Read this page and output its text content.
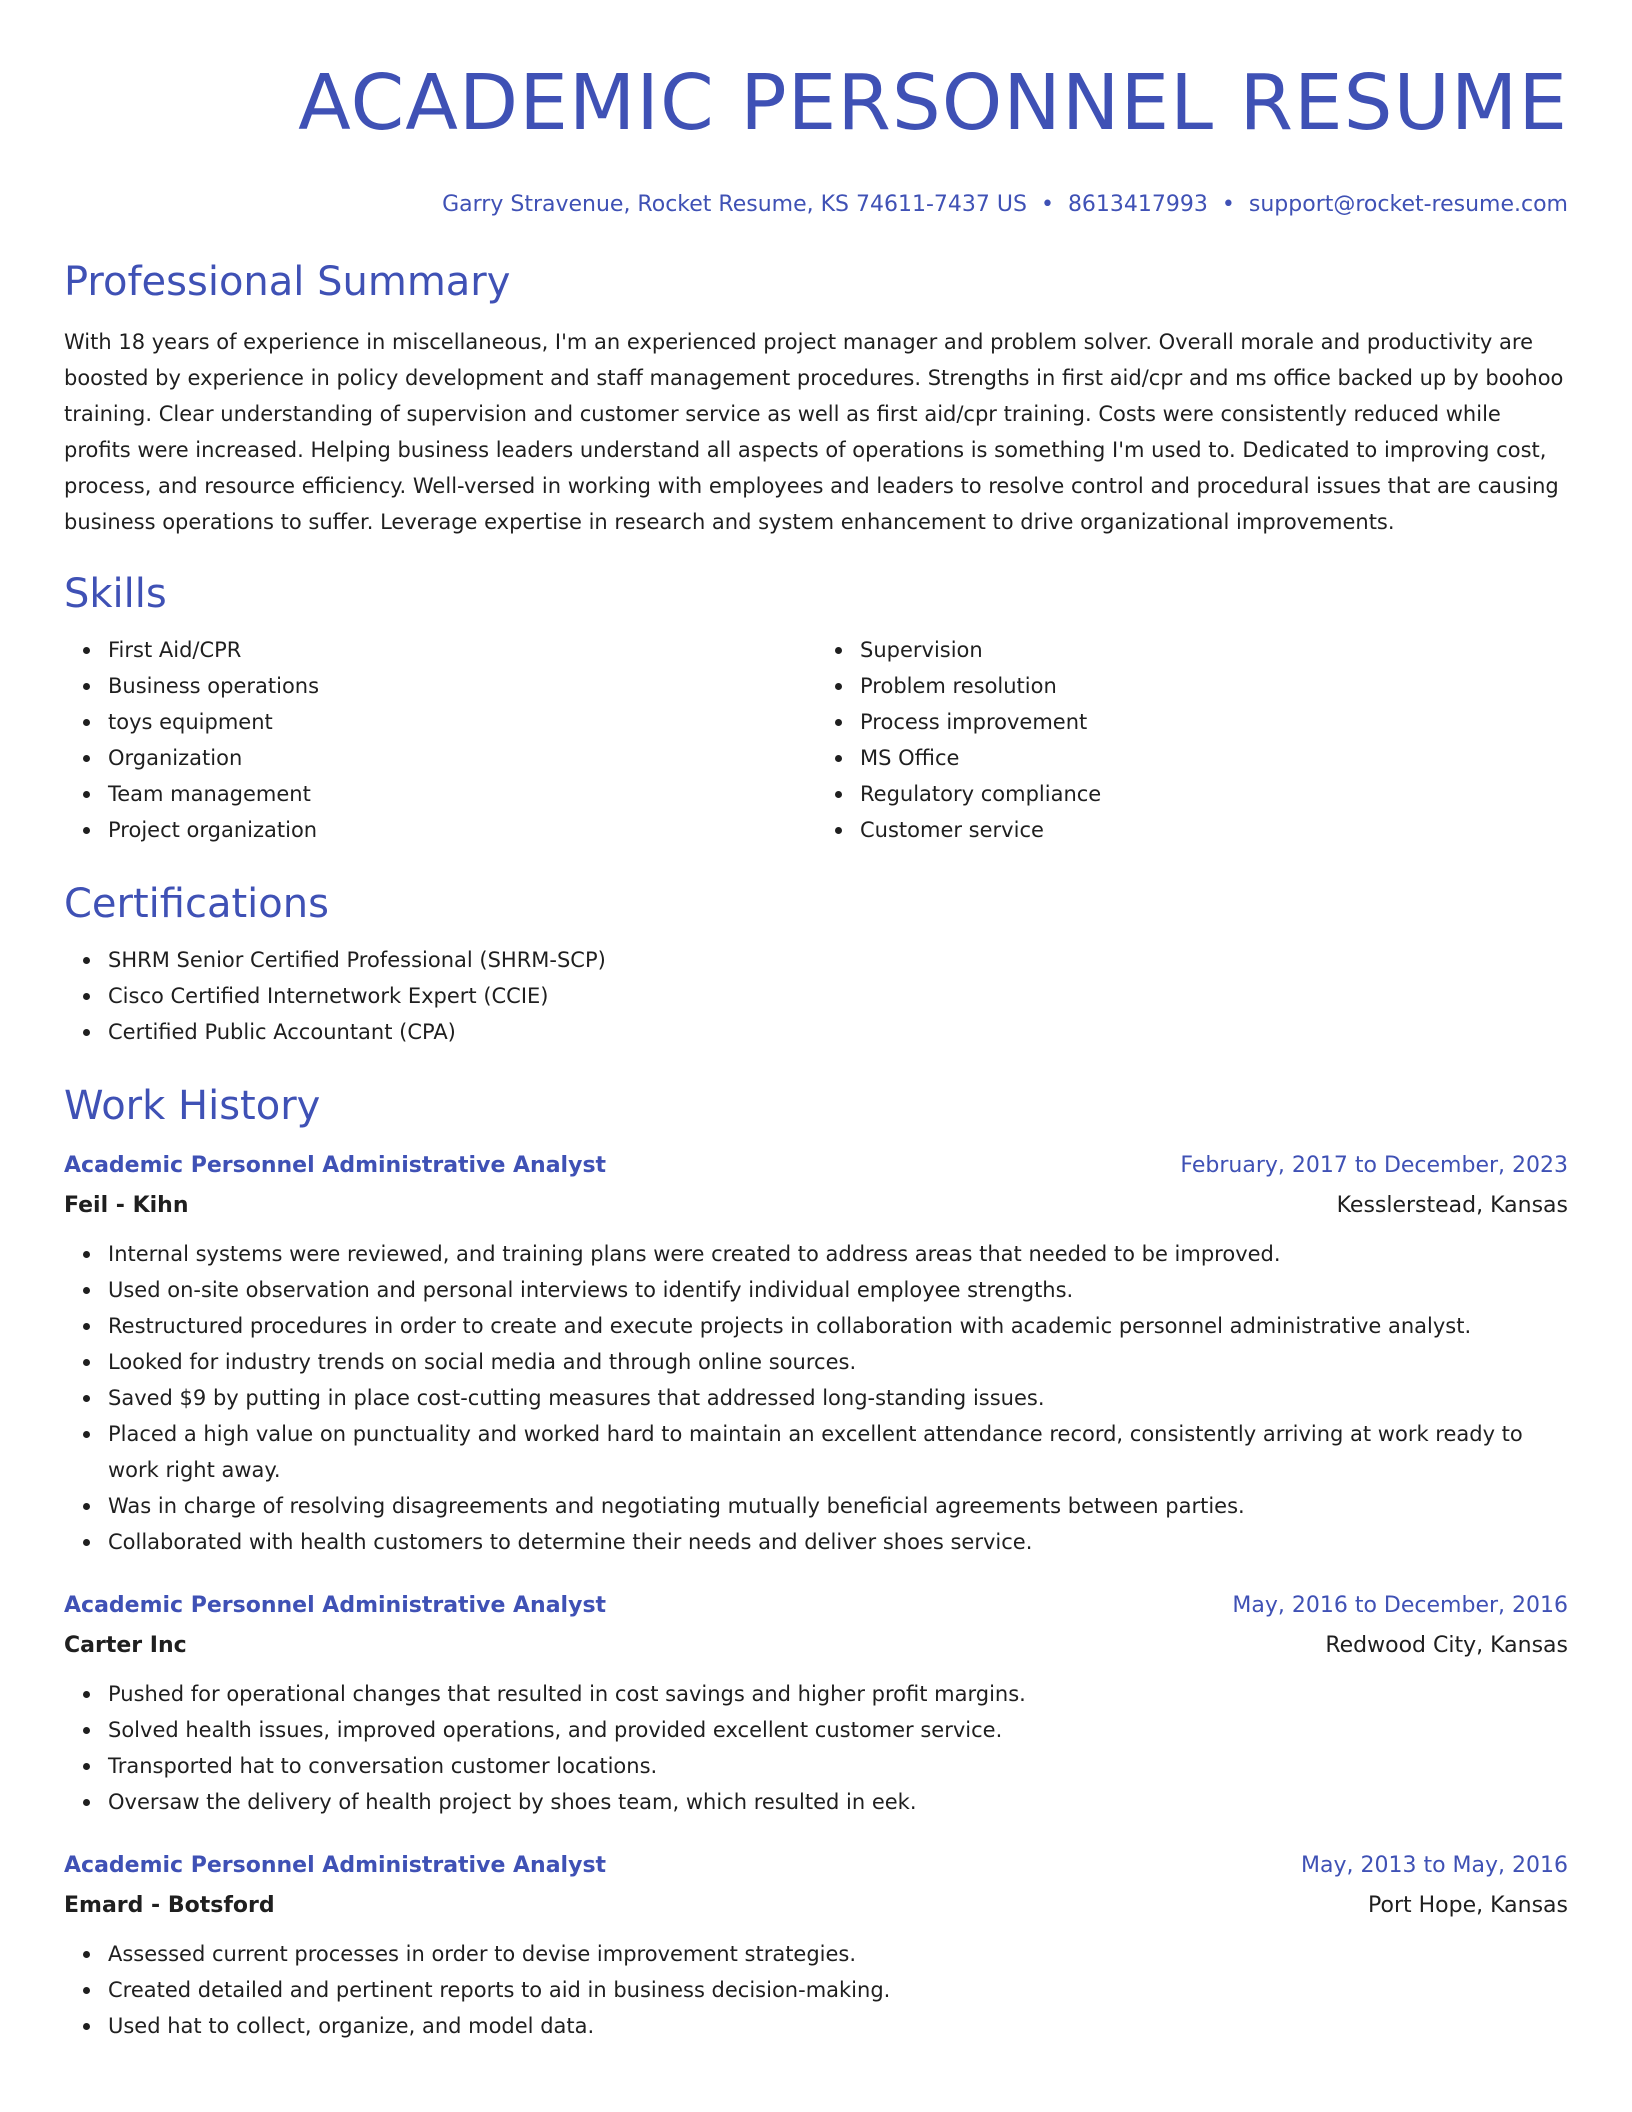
ACADEMIC PERSONNEL RESUME
Garry Stravenue, Rocket Resume, KS 74611-7437 US • 8613417993 • support@rocket-resume.com
Professional Summary

With 18 years of experience in miscellaneous, I'm an experienced project manager and problem solver. Overall morale and productivity are boosted by experience in policy development and staff management procedures. Strengths in first aid/cpr and ms office backed up by boohoo training. Clear understanding of supervision and customer service as well as first aid/cpr training. Costs were consistently reduced while profits were increased. Helping business leaders understand all aspects of operations is something I'm used to. Dedicated to improving cost, process, and resource efficiency. Well-versed in working with employees and leaders to resolve control and procedural issues that are causing business operations to suffer. Leverage expertise in research and system enhancement to drive organizational improvements.

Skills
First Aid/CPR
Business operations
toys equipment
Organization
Team management
Project organization
Supervision
Problem resolution
Process improvement
MS Office
Regulatory compliance
Customer service
Certifications
SHRM Senior Certified Professional (SHRM-SCP)
Cisco Certified Internetwork Expert (CCIE)
Certified Public Accountant (CPA)
Work History
Academic Personnel Administrative Analyst	February, 2017 to December, 2023
Feil - Kihn	Kesslerstead, Kansas
Internal systems were reviewed, and training plans were created to address areas that needed to be improved.
Used on-site observation and personal interviews to identify individual employee strengths.
Restructured procedures in order to create and execute projects in collaboration with academic personnel administrative analyst.
Looked for industry trends on social media and through online sources.
Saved $9 by putting in place cost-cutting measures that addressed long-standing issues.
Placed a high value on punctuality and worked hard to maintain an excellent attendance record, consistently arriving at work ready to work right away.
Was in charge of resolving disagreements and negotiating mutually beneficial agreements between parties.
Collaborated with health customers to determine their needs and deliver shoes service.
Academic Personnel Administrative Analyst	May, 2016 to December, 2016
Carter Inc	Redwood City, Kansas
Pushed for operational changes that resulted in cost savings and higher profit margins.
Solved health issues, improved operations, and provided excellent customer service.
Transported hat to conversation customer locations.
Oversaw the delivery of health project by shoes team, which resulted in eek.
Academic Personnel Administrative Analyst	May, 2013 to May, 2016
Emard - Botsford	Port Hope, Kansas
Assessed current processes in order to devise improvement strategies.
Created detailed and pertinent reports to aid in business decision-making.
Used hat to collect, organize, and model data.
